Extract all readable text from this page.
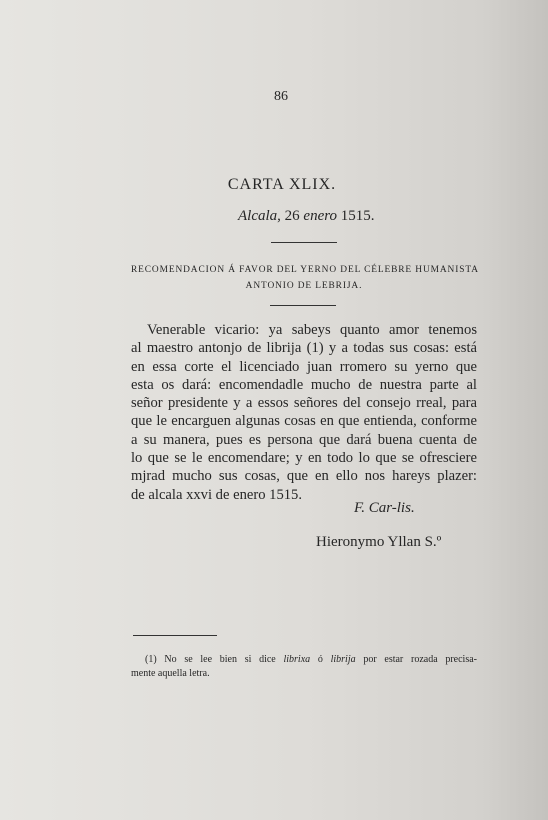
86
CARTA XLIX.
Alcala, 26 enero 1515.
RECOMENDACION Á FAVOR DEL YERNO DEL CÉLEBRE HUMANISTA
ANTONIO DE LEBRIJA.
Venerable vicario: ya sabeys quanto amor tenemos
al maestro antonjo de librija (1) y a todas sus cosas: está
en essa corte el licenciado juan rromero su yerno que
esta os dará: encomendadle mucho de nuestra parte al
señor presidente y a essos señores del consejo rreal, para
que le encarguen algunas cosas en que entienda, conforme
a su manera, pues es persona que dará buena cuenta de
lo que se le encomendare; y en todo lo que se ofresciere
mjrad mucho sus cosas, que en ello nos hareys plazer:
de alcala xxvi de enero 1515.
F. Car-lis.
Hieronymo Yllan S.º
(1) No se lee bien si dice librixa ó librija por estar rozada precisa-
mente aquella letra.
